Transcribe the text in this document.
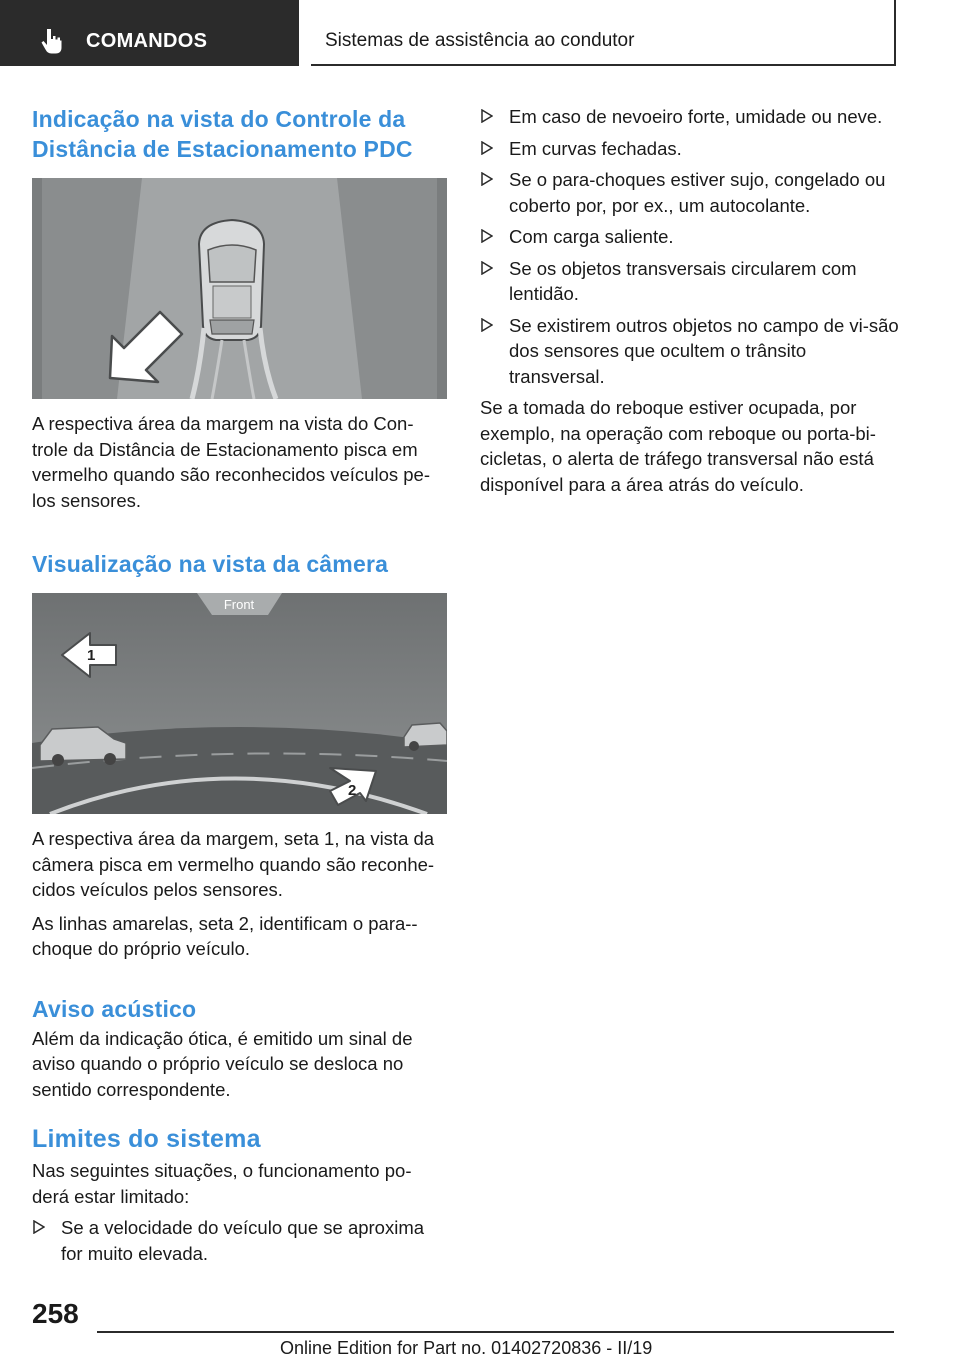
COMANDOS	Sistemas de assistência ao condutor
Indicação na vista do Controle da Distância de Estacionamento PDC

A respectiva área da margem na vista do Con-trole da Distância de Estacionamento pisca em vermelho quando são reconhecidos veículos pe-los sensores.

Visualização na vista da câmera
Front
1
2

A respectiva área da margem, seta 1, na vista da câmera pisca em vermelho quando são reconhe-cidos veículos pelos sensores.

As linhas amarelas, seta 2, identificam o para--choque do próprio veículo.

Aviso acústico

Além da indicação ótica, é emitido um sinal de aviso quando o próprio veículo se desloca no sentido correspondente.

Limites do sistema

Nas seguintes situações, o funcionamento po-derá estar limitado:

Se a velocidade do veículo que se aproxima for muito elevada.
Em caso de nevoeiro forte, umidade ou neve.
Em curvas fechadas.
Se o para-choques estiver sujo, congelado ou coberto por, por ex., um autocolante.
Com carga saliente.
Se os objetos transversais circularem com lentidão.
Se existirem outros objetos no campo de vi-são dos sensores que ocultem o trânsito transversal.

Se a tomada do reboque estiver ocupada, por exemplo, na operação com reboque ou porta-bi-cicletas, o alerta de tráfego transversal não está disponível para a área atrás do veículo.

258
Online Edition for Part no. 01402720836 - II/19
